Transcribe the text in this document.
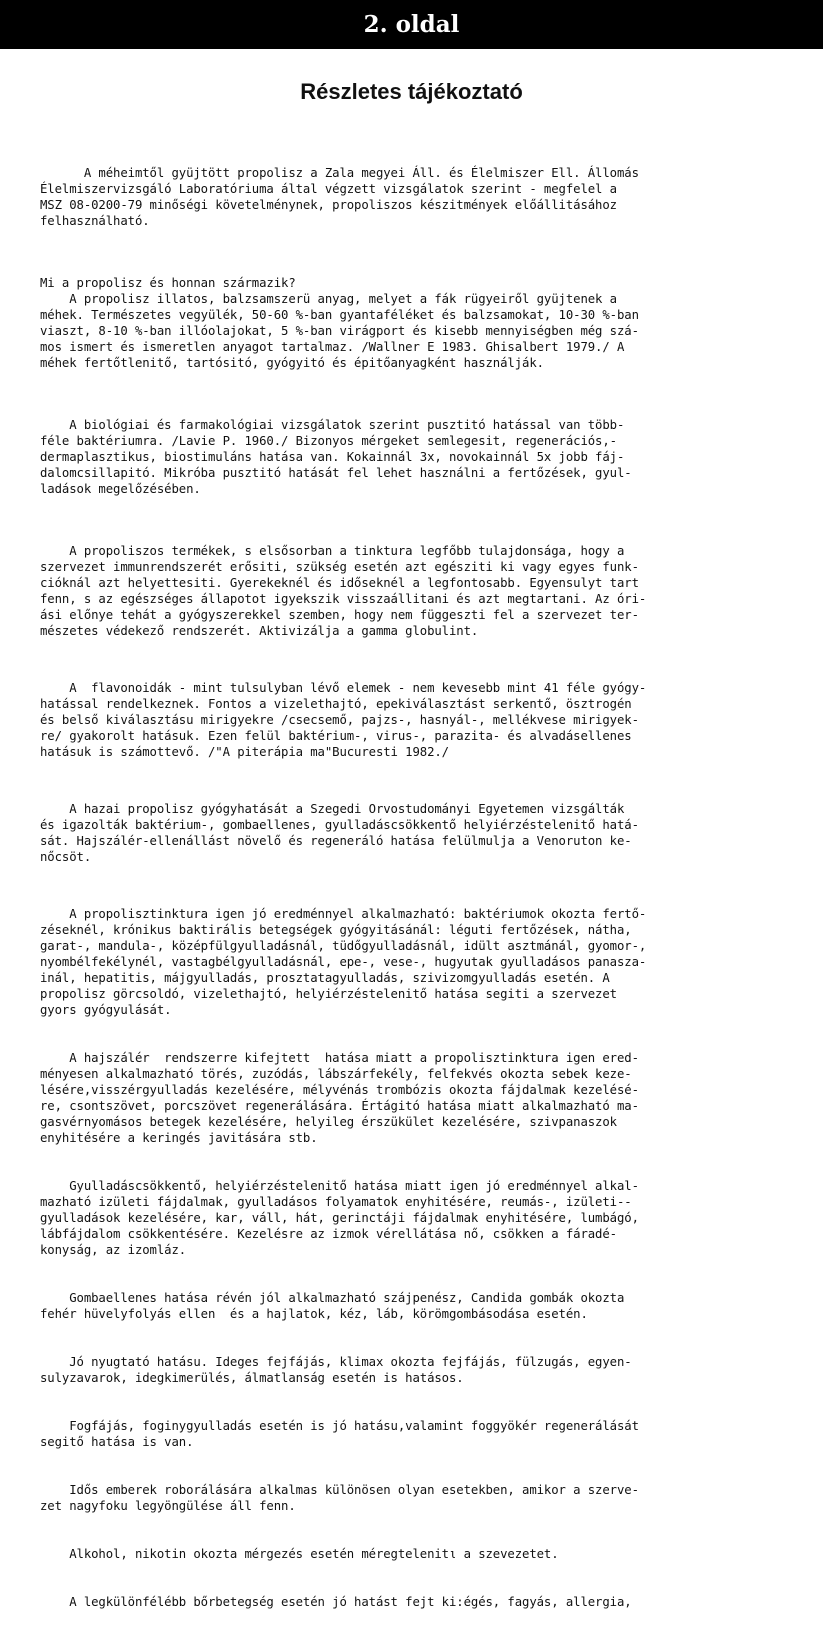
2. oldal
Részletes tájékoztató

A méheimtől gyüjtött propolisz a Zala megyei Áll. és Élelmiszer Ell. Állomás
Élelmiszervizsgáló Laboratóriuma által végzett vizsgálatok szerint - megfelel a
MSZ 08-0200-79 minőségi követelménynek, propoliszos készitmények előállitásához
felhasználható.

Mi a propolisz és honnan származik?
A propolisz illatos, balzsamszerü anyag, melyet a fák rügyeiről gyüjtenek a
méhek. Természetes vegyülék, 50-60 %-ban gyantaféléket és balzsamokat, 10-30 %-ban
viaszt, 8-10 %-ban illóolajokat, 5 %-ban virágport és kisebb mennyiségben még szá-
mos ismert és ismeretlen anyagot tartalmaz. /Wallner E 1983. Ghisalbert 1979./ A
méhek fertőtlenitő, tartósitó, gyógyitó és épitőanyagként használják.

A biológiai és farmakológiai vizsgálatok szerint pusztitó hatással van több-
féle baktériumra. /Lavie P. 1960./ Bizonyos mérgeket semlegesit, regenerációs,-
dermaplasztikus, biostimuláns hatása van. Kokainnál 3x, novokainnál 5x jobb fáj-
dalomcsillapitó. Mikróba pusztitó hatását fel lehet használni a fertőzések, gyul-
ladások megelőzésében.

A propoliszos termékek, s elsősorban a tinktura legfőbb tulajdonsága, hogy a
szervezet immunrendszerét erősiti, szükség esetén azt egésziti ki vagy egyes funk-
cióknál azt helyettesiti. Gyerekeknél és időseknél a legfontosabb. Egyensulyt tart
fenn, s az egészséges állapotot igyekszik visszaállitani és azt megtartani. Az óri-
ási előnye tehát a gyógyszerekkel szemben, hogy nem függeszti fel a szervezet ter-
mészetes védekező rendszerét. Aktivizálja a gamma globulint.

A  flavonoidák - mint tulsulyban lévő elemek - nem kevesebb mint 41 féle gyógy-
hatással rendelkeznek. Fontos a vizelethajtó, epekiválasztást serkentő, ösztrogén
és belső kiválasztásu mirigyekre /csecsemő, pajzs-, hasnyál-, mellékvese mirigyek-
re/ gyakorolt hatásuk. Ezen felül baktérium-, virus-, parazita- és alvadásellenes
hatásuk is számottevő. /"A piterápia ma"Bucuresti 1982./

A hazai propolisz gyógyhatását a Szegedi Orvostudományi Egyetemen vizsgálták
és igazolták baktérium-, gombaellenes, gyulladáscsökkentő helyiérzéstelenitő hatá-
sát. Hajszálér-ellenállást növelő és regeneráló hatása felülmulja a Venoruton ke-
nőcsöt.

A propolisztinktura igen jó eredménnyel alkalmazható: baktériumok okozta fertő-
zéseknél, krónikus baktirális betegségek gyógyitásánál: léguti fertőzések, nátha,
garat-, mandula-, középfülgyulladásnál, tüdőgyulladásnál, idült asztmánál, gyomor-,
nyombélfekélynél, vastagbélgyulladásnál, epe-, vese-, hugyutak gyulladásos panasza-
inál, hepatitis, májgyulladás, prosztatagyulladás, szivizomgyulladás esetén. A
propolisz görcsoldó, vizelethajtó, helyiérzéstelenitő hatása segiti a szervezet
gyors gyógyulását.

A hajszálér  rendszerre kifejtett  hatása miatt a propolisztinktura igen ered-
ményesen alkalmazható törés, zuzódás, lábszárfekély, felfekvés okozta sebek keze-
lésére,visszérgyulladás kezelésére, mélyvénás trombózis okozta fájdalmak kezelésé-
re, csontszövet, porcszövet regenerálására. Értágitó hatása miatt alkalmazható ma-
gasvérnyomásos betegek kezelésére, helyileg érszükület kezelésére, szivpanaszok
enyhitésére a keringés javitására stb.

Gyulladáscsökkentő, helyiérzéstelenitő hatása miatt igen jó eredménnyel alkal-
mazható izületi fájdalmak, gyulladásos folyamatok enyhitésére, reumás-, izületi--
gyulladások kezelésére, kar, váll, hát, gerinctáji fájdalmak enyhitésére, lumbágó,
lábfájdalom csökkentésére. Kezelésre az izmok vérellátása nő, csökken a fáradé-
konyság, az izomláz.

Gombaellenes hatása révén jól alkalmazható szájpenész, Candida gombák okozta
fehér hüvelyfolyás ellen  és a hajlatok, kéz, láb, körömgombásodása esetén.

Jó nyugtató hatásu. Ideges fejfájás, klimax okozta fejfájás, fülzugás, egyen-
sulyzavarok, idegkimerülés, álmatlanság esetén is hatásos.

Fogfájás, foginygyulladás esetén is jó hatásu,valamint foggyökér regenerálását
segitő hatása is van.

Idős emberek roborálására alkalmas különösen olyan esetekben, amikor a szerve-
zet nagyfoku legyöngülése áll fenn.

Alkohol, nikotin okozta mérgezés esetén méregtelenitι a szevezetet.

A legkülönfélébb bőrbetegség esetén jó hatást fejt ki:égés, fagyás, allergia,
